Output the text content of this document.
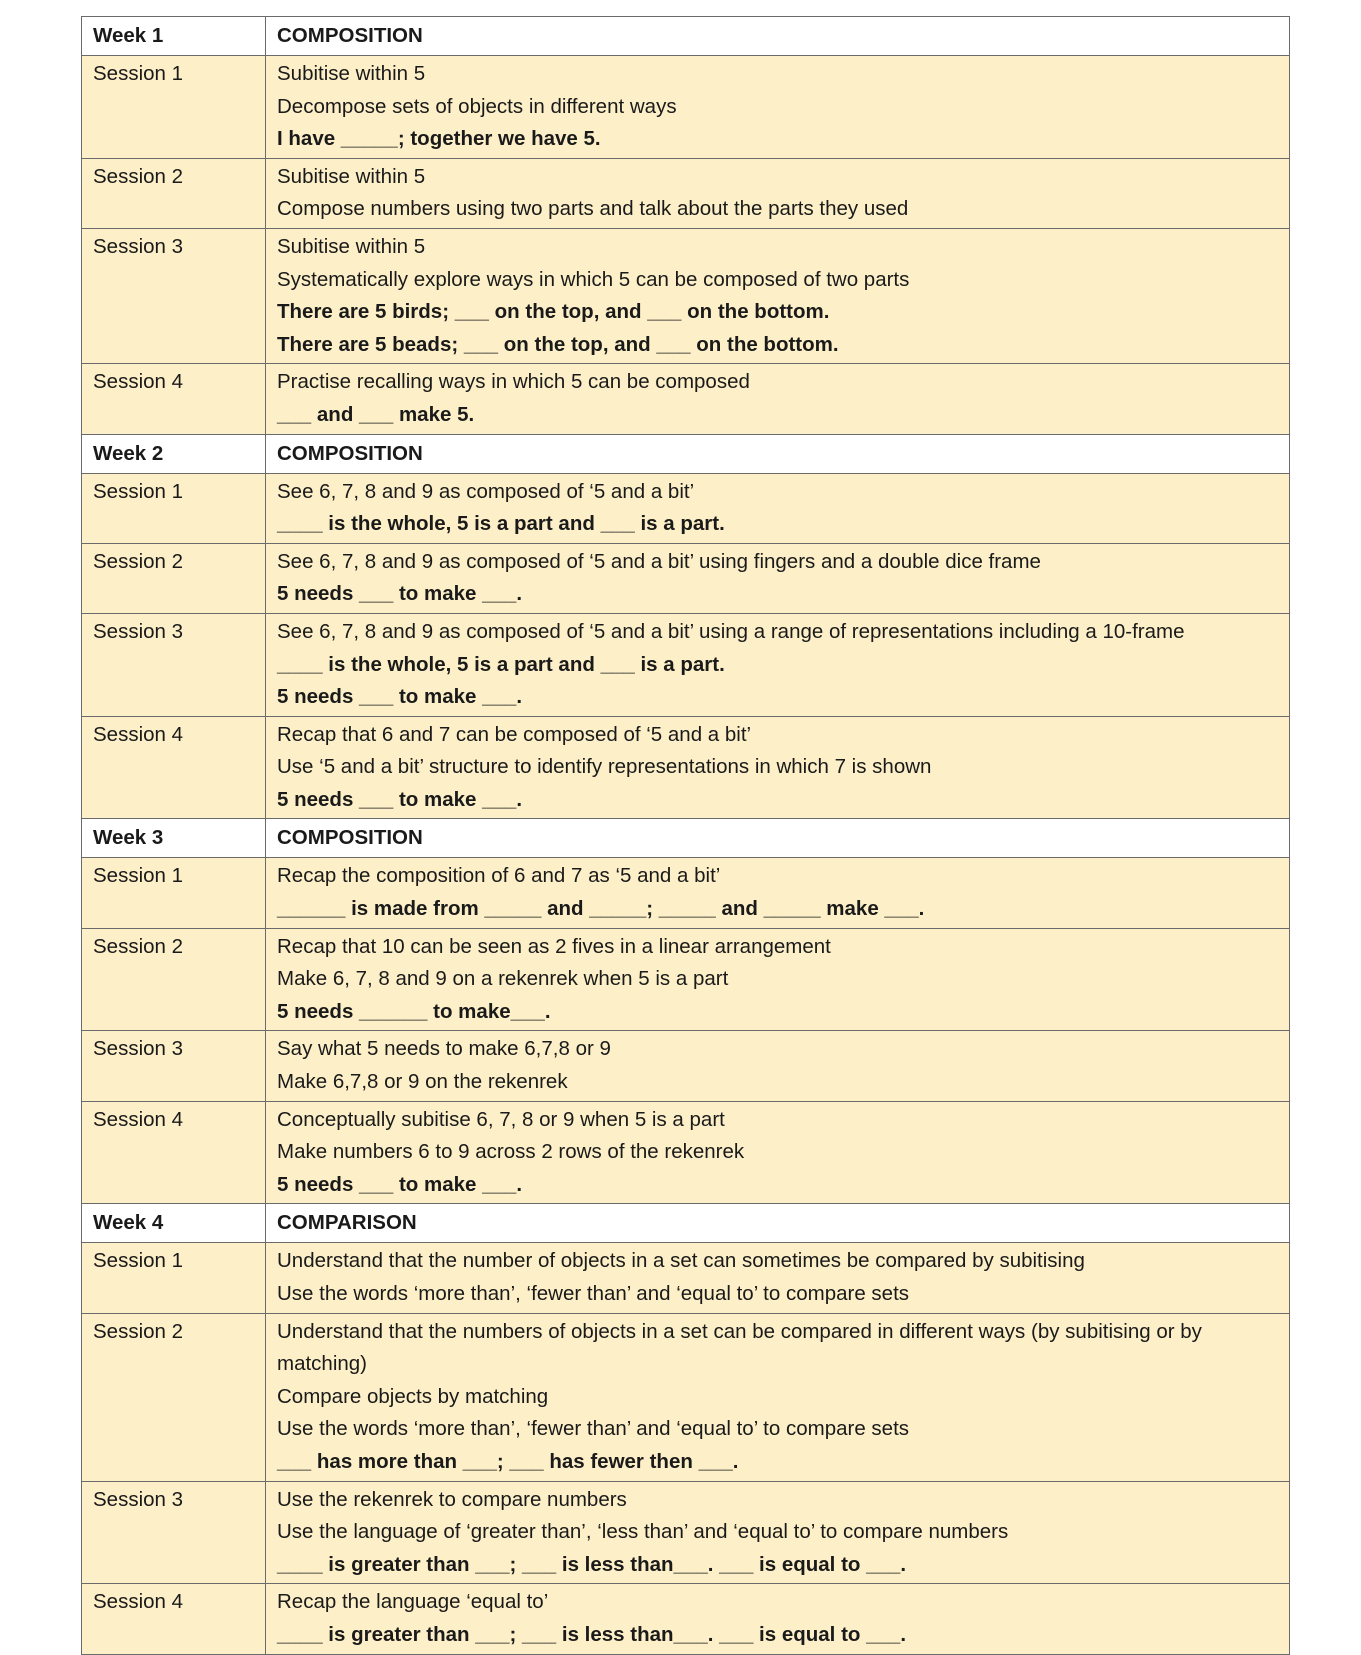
Week 1	COMPOSITION
Session 1	Subitise within 5
Decompose sets of objects in different ways
I have _____; together we have 5.

Session 2	Subitise within 5
Compose numbers using two parts and talk about the parts they used

Session 3	Subitise within 5
Systematically explore ways in which 5 can be composed of two parts
There are 5 birds; ___ on the top, and ___ on the bottom.
There are 5 beads; ___ on the top, and ___ on the bottom.

Session 4	Practise recalling ways in which 5 can be composed
___ and ___ make 5.

Week 2	COMPOSITION
Session 1	See 6, 7, 8 and 9 as composed of ‘5 and a bit’
____ is the whole, 5 is a part and ___ is a part.

Session 2	See 6, 7, 8 and 9 as composed of ‘5 and a bit’ using fingers and a double dice frame
5 needs ___ to make ___.

Session 3	See 6, 7, 8 and 9 as composed of ‘5 and a bit’ using a range of representations including a 10-frame
____ is the whole, 5 is a part and ___ is a part.
5 needs ___ to make ___.

Session 4	Recap that 6 and 7 can be composed of ‘5 and a bit’
Use ‘5 and a bit’ structure to identify representations in which 7 is shown
5 needs ___ to make ___.

Week 3	COMPOSITION
Session 1	Recap the composition of 6 and 7 as ‘5 and a bit’
______ is made from _____ and _____; _____ and _____ make ___.

Session 2	Recap that 10 can be seen as 2 fives in a linear arrangement
Make 6, 7, 8 and 9 on a rekenrek when 5 is a part
5 needs ______ to make___.

Session 3	Say what 5 needs to make 6,7,8 or 9
Make 6,7,8 or 9 on the rekenrek

Session 4	Conceptually subitise 6, 7, 8 or 9 when 5 is a part
Make numbers 6 to 9 across 2 rows of the rekenrek
5 needs ___ to make ___.

Week 4	COMPARISON
Session 1	Understand that the number of objects in a set can sometimes be compared by subitising
Use the words ‘more than’, ‘fewer than’ and ‘equal to’ to compare sets

Session 2	Understand that the numbers of objects in a set can be compared in different ways (by subitising or by matching)
Compare objects by matching
Use the words ‘more than’, ‘fewer than’ and ‘equal to’ to compare sets
___ has more than ___; ___ has fewer then ___.

Session 3	Use the rekenrek to compare numbers
Use the language of ‘greater than’, ‘less than’ and ‘equal to’ to compare numbers
____ is greater than ___; ___ is less than___. ___ is equal to ___.

Session 4	Recap the language ‘equal to’
____ is greater than ___; ___ is less than___. ___ is equal to ___.
